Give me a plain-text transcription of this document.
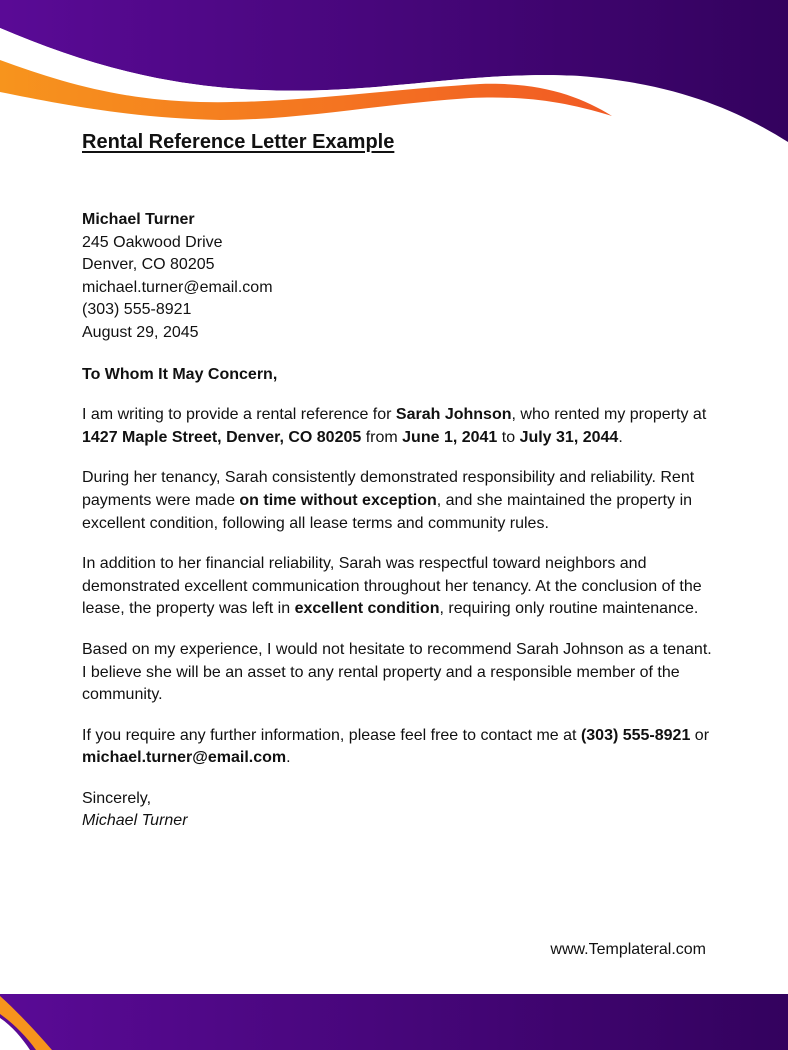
Rental Reference Letter Example
Michael Turner
245 Oakwood Drive
Denver, CO 80205
michael.turner@email.com
(303) 555-8921
August 29, 2045

To Whom It May Concern,

I am writing to provide a rental reference for Sarah Johnson, who rented my property at 1427 Maple Street, Denver, CO 80205 from June 1, 2041 to July 31, 2044.

During her tenancy, Sarah consistently demonstrated responsibility and reliability. Rent payments were made on time without exception, and she maintained the property in excellent condition, following all lease terms and community rules.

In addition to her financial reliability, Sarah was respectful toward neighbors and demonstrated excellent communication throughout her tenancy. At the conclusion of the lease, the property was left in excellent condition, requiring only routine maintenance.

Based on my experience, I would not hesitate to recommend Sarah Johnson as a tenant. I believe she will be an asset to any rental property and a responsible member of the community.

If you require any further information, please feel free to contact me at (303) 555-8921 or michael.turner@email.com.

Sincerely,
Michael Turner
www.Templateral.com
